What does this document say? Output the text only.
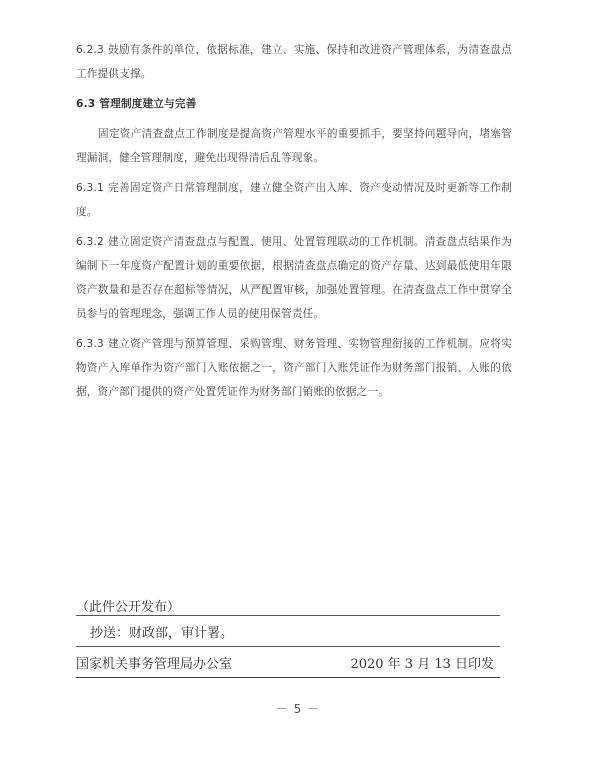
6.2.3 鼓励有条件的单位，依据标准，建立、实施、保持和改进资产管理体系，为清查盘点工作提供支撑。

6.3 管理制度建立与完善

固定资产清查盘点工作制度是提高资产管理水平的重要抓手，要坚持问题导向，堵塞管理漏洞，健全管理制度，避免出现得清后乱等现象。

6.3.1 完善固定资产日常管理制度，建立健全资产出入库、资产变动情况及时更新等工作制度。

6.3.2 建立固定资产清查盘点与配置、使用、处置管理联动的工作机制。清查盘点结果作为编制下一年度资产配置计划的重要依据，根据清查盘点确定的资产存量、达到最低使用年限资产数量和是否存在超标等情况，从严配置审核，加强处置管理。在清查盘点工作中贯穿全员参与的管理理念，强调工作人员的使用保管责任。

6.3.3 建立资产管理与预算管理、采购管理、财务管理、实物管理衔接的工作机制。应将实物资产入库单作为资产部门入账依据之一，资产部门入账凭证作为财务部门报销、入账的依据，资产部门提供的资产处置凭证作为财务部门销账的依据之一。

（此件公开发布）
抄送：财政部，审计署。
国家机关事务管理局办公室	2020 年 3 月 13 日印发
－ 5 －
